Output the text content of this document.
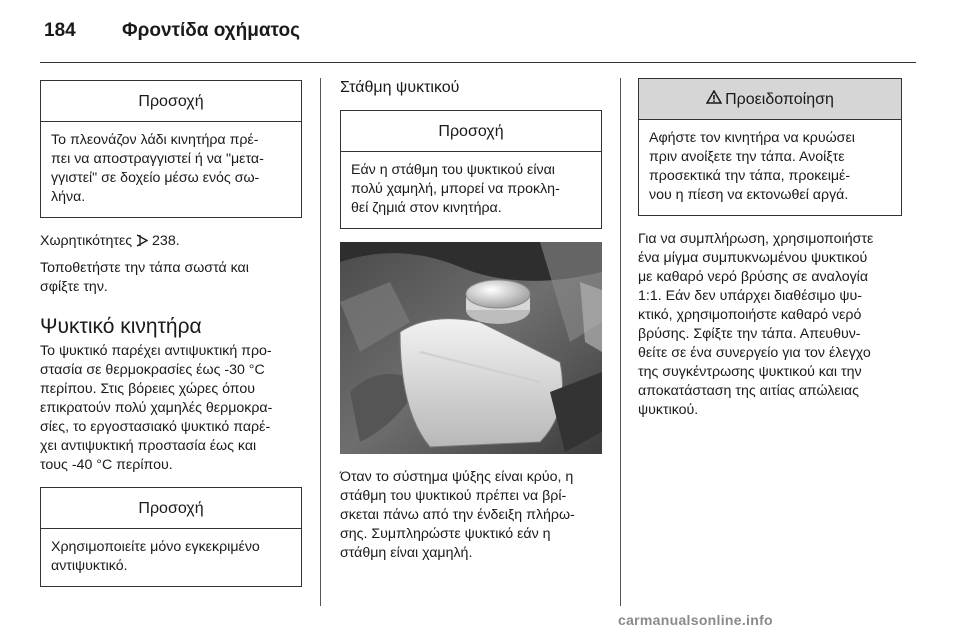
184 Φροντίδα οχήματος
Προσοχή
Το πλεονάζον λάδι κινητήρα πρέ-
πει να αποστραγγιστεί ή να "μετα-
γγιστεί" σε δοχείο μέσω ενός σω-
λήνα.
Χωρητικότητες 238.
Τοποθετήστε την τάπα σωστά και
σφίξτε την.
Ψυκτικό κινητήρα
Το ψυκτικό παρέχει αντιψυκτική προ-
στασία σε θερμοκρασίες έως -30 °C
περίπου. Στις βόρειες χώρες όπου
επικρατούν πολύ χαμηλές θερμοκρα-
σίες, το εργοστασιακό ψυκτικό παρέ-
χει αντιψυκτική προστασία έως και
τους -40 °C περίπου.
Προσοχή
Χρησιμοποιείτε μόνο εγκεκριμένο
αντιψυκτικό.
Στάθμη ψυκτικού
Προσοχή
Εάν η στάθμη του ψυκτικού είναι
πολύ χαμηλή, μπορεί να προκλη-
θεί ζημιά στον κινητήρα.
Όταν το σύστημα ψύξης είναι κρύο, η
στάθμη του ψυκτικού πρέπει να βρί-
σκεται πάνω από την ένδειξη πλήρω-
σης. Συμπληρώστε ψυκτικό εάν η
στάθμη είναι χαμηλή.
Προειδοποίηση
Αφήστε τον κινητήρα να κρυώσει
πριν ανοίξετε την τάπα. Ανοίξτε
προσεκτικά την τάπα, προκειμέ-
νου η πίεση να εκτονωθεί αργά.
Για να συμπλήρωση, χρησιμοποιήστε
ένα μίγμα συμπυκνωμένου ψυκτικού
με καθαρό νερό βρύσης σε αναλογία
1:1. Εάν δεν υπάρχει διαθέσιμο ψυ-
κτικό, χρησιμοποιήστε καθαρό νερό
βρύσης. Σφίξτε την τάπα. Απευθυν-
θείτε σε ένα συνεργείο για τον έλεγχο
της συγκέντρωσης ψυκτικού και την
αποκατάσταση της αιτίας απώλειας
ψυκτικού.
carmanualsonline.info
